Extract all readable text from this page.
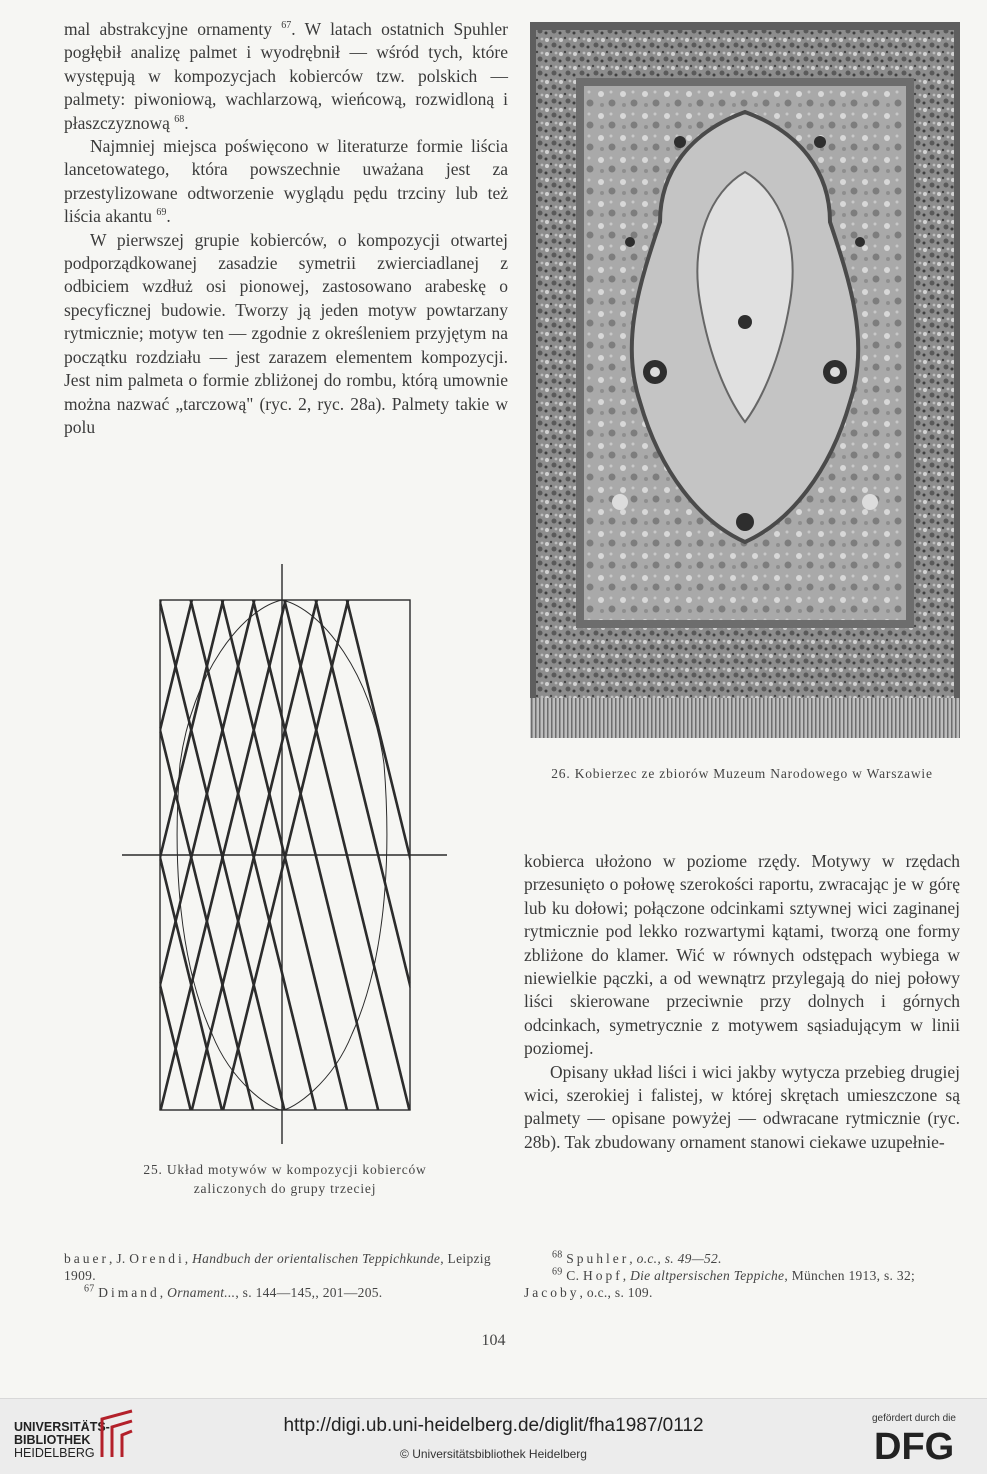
mal abstrakcyjne ornamenty $^{67}$. W latach ostatnich Spuhler pogłębił analizę palmet i wyodrębnił — wśród tych, które występują w kompozycjach kobierców tzw. polskich — palmety: piwoniową, wachlarzową, wieńcową, rozwidloną i płaszczyznową $^{68}$.

Najmniej miejsca poświęcono w literaturze formie liścia lancetowatego, która powszechnie uważana jest za przestylizowane odtworzenie wyglądu pędu trzciny lub też liścia akantu $^{69}$.

W pierwszej grupie kobierców, o kompozycji otwartej podporządkowanej zasadzie symetrii zwierciadlanej z odbiciem wzdłuż osi pionowej, zastosowano arabeskę o specyficznej budowie. Tworzy ją jeden motyw powtarzany rytmicznie; motyw ten — zgodnie z określeniem przyjętym na początku rozdziału — jest zarazem elementem kompozycji. Jest nim palmeta o formie zbliżonej do rombu, którą umownie można nazwać „tarczową" (ryc. 2, ryc. 28a). Palmety takie w polu

26. Kobierzec ze zbiorów Muzeum Narodowego w Warszawie
25. Układ motywów w kompozycji kobierców zaliczonych do grupy trzeciej

kobierca ułożono w poziome rzędy. Motywy w rzędach przesunięto o połowę szerokości raportu, zwracając je w górę lub ku dołowi; połączone odcinkami sztywnej wici zaginanej rytmicznie pod lekko rozwartymi kątami, tworzą one formy zbliżone do klamer. Wić w równych odstępach wybiega w niewielkie pączki, a od wewnątrz przylegają do niej połowy liści skierowane przeciwnie przy dolnych i górnych odcinkach, symetrycznie z motywem sąsiadującym w linii poziomej.

Opisany układ liści i wici jakby wytycza przebieg drugiej wici, szerokiej i falistej, w której skrętach umieszczone są palmety — opisane powyżej — odwracane rytmicznie (ryc. 28b). Tak zbudowany ornament stanowi ciekawe uzupełnie-

bauer, J. Orendi, Handbuch der orientalischen Teppichkunde, Leipzig 1909.

$^{67}$ Dimand, Ornament..., s. 144—145,, 201—205.

$^{68}$ Spuhler, o.c., s. 49—52.

$^{69}$ C. Hopf, Die altpersischen Teppiche, München 1913, s. 32; Jacoby, o.c., s. 109.

104
UNIVERSITÄTS-
BIBLIOTHEK
HEIDELBERG
http://digi.ub.uni-heidelberg.de/diglit/fha1987/0112
© Universitätsbibliothek Heidelberg
gefördert durch die
DFG
